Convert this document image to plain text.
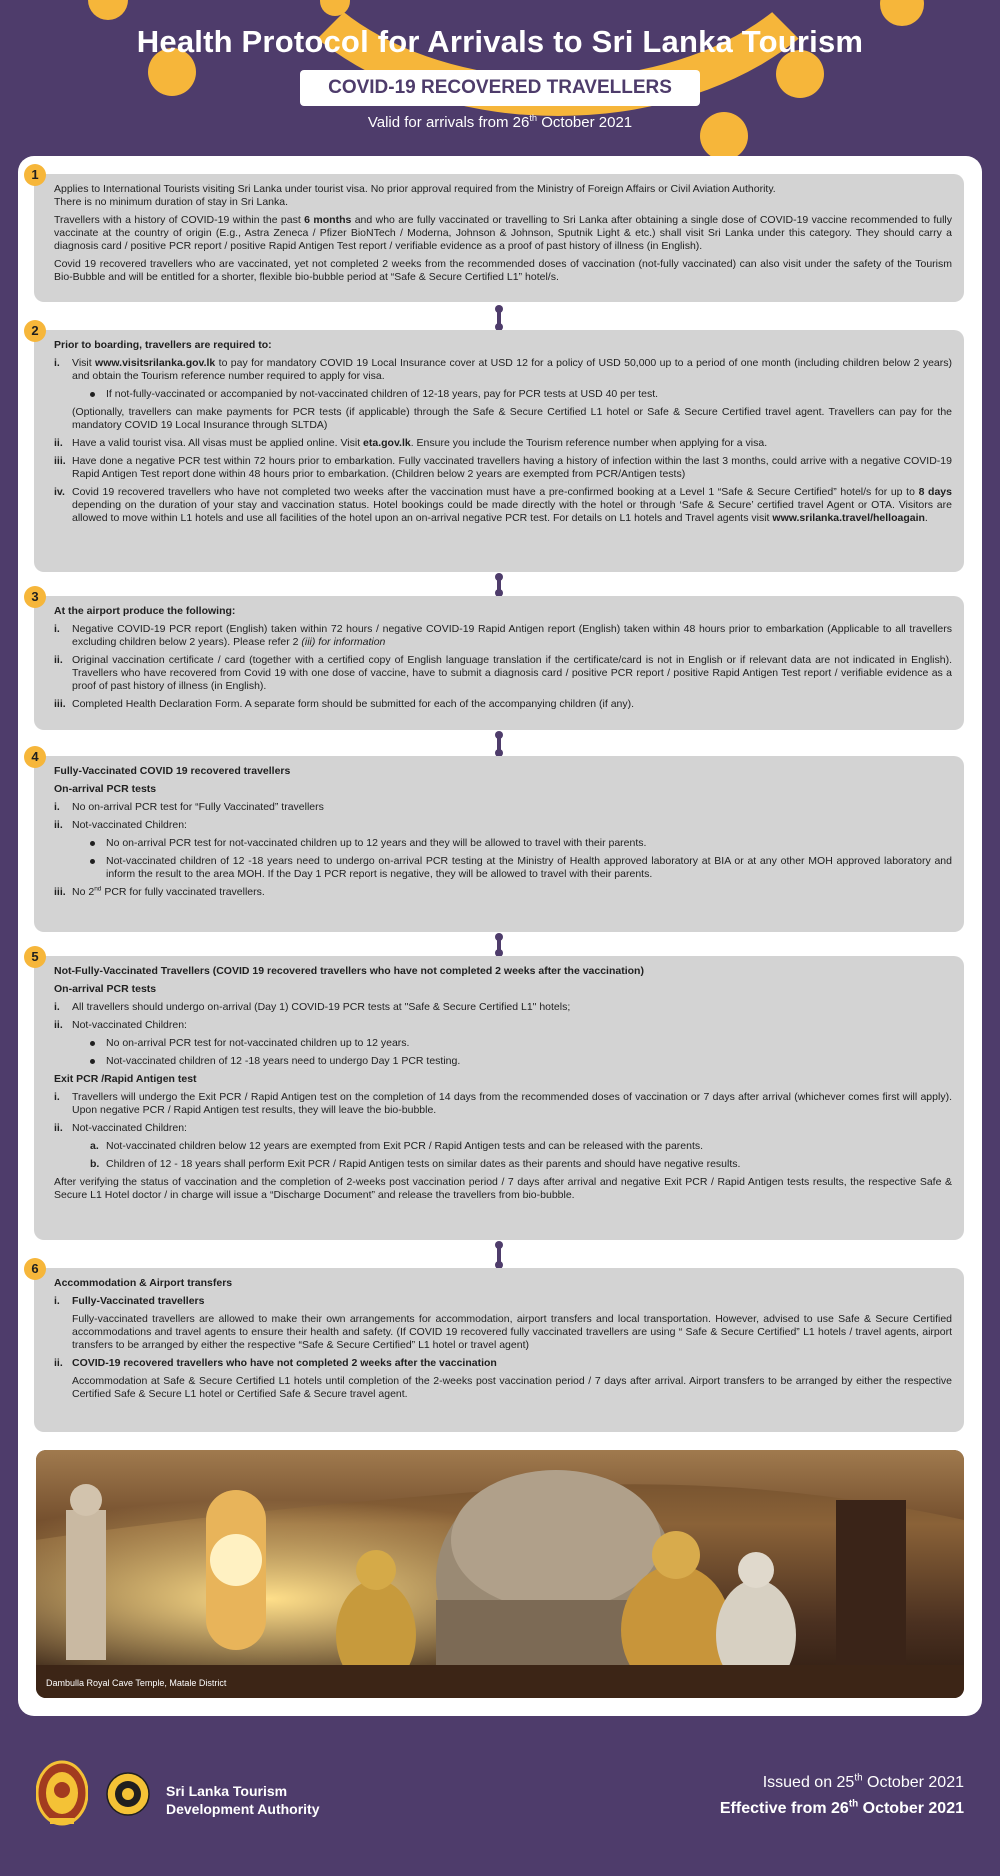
Health Protocol for Arrivals to Sri Lanka Tourism
COVID-19 RECOVERED TRAVELLERS
Valid for arrivals from 26th October 2021
1

Applies to International Tourists visiting Sri Lanka under tourist visa. No prior approval required from the Ministry of Foreign Affairs or Civil Aviation Authority.

There is no minimum duration of stay in Sri Lanka.

Travellers with a history of COVID-19 within the past 6 months and who are fully vaccinated or travelling to Sri Lanka after obtaining a single dose of COVID-19 vaccine recommended to fully vaccinate at the country of origin (E.g., Astra Zeneca / Pfizer BioNTech / Moderna, Johnson & Johnson, Sputnik Light & etc.) shall visit Sri Lanka under this category. They should carry a diagnosis card / positive PCR report / positive Rapid Antigen Test report / verifiable evidence as a proof of past history of illness (in English).

Covid 19 recovered travellers who are vaccinated, yet not completed 2 weeks from the recommended doses of vaccination (not-fully vaccinated) can also visit under the safety of the Tourism Bio-Bubble and will be entitled for a shorter, flexible bio-bubble period at “Safe & Secure Certified L1” hotel/s.

2
Prior to boarding, travellers are required to:
i. Visit www.visitsrilanka.gov.lk to pay for mandatory COVID 19 Local Insurance cover at USD 12 for a policy of USD 50,000 up to a period of one month (including children below 2 years) and obtain the Tourism reference number required to apply for visa.
If not-fully-vaccinated or accompanied by not-vaccinated children of 12-18 years, pay for PCR tests at USD 40 per test.

(Optionally, travellers can make payments for PCR tests (if applicable) through the Safe & Secure Certified L1 hotel or Safe & Secure Certified travel agent. Travellers can pay for the mandatory COVID 19 Local Insurance through SLTDA)

ii. Have a valid tourist visa. All visas must be applied online. Visit eta.gov.lk. Ensure you include the Tourism reference number when applying for a visa.
iii. Have done a negative PCR test within 72 hours prior to embarkation. Fully vaccinated travellers having a history of infection within the last 3 months, could arrive with a negative COVID-19 Rapid Antigen Test report done within 48 hours prior to embarkation. (Children below 2 years are exempted from PCR/Antigen tests)
iv. Covid 19 recovered travellers who have not completed two weeks after the vaccination must have a pre-confirmed booking at a Level 1 “Safe & Secure Certified” hotel/s for up to 8 days depending on the duration of your stay and vaccination status. Hotel bookings could be made directly with the hotel or through ‘Safe & Secure’ certified travel Agent or OTA. Visitors are allowed to move within L1 hotels and use all facilities of the hotel upon an on-arrival negative PCR test. For details on L1 hotels and Travel agents visit www.srilanka.travel/helloagain.
3
At the airport produce the following:
i. Negative COVID-19 PCR report (English) taken within 72 hours / negative COVID-19 Rapid Antigen report (English) taken within 48 hours prior to embarkation (Applicable to all travellers excluding children below 2 years). Please refer 2 (iii) for information
ii. Original vaccination certificate / card (together with a certified copy of English language translation if the certificate/card is not in English or if relevant data are not indicated in English). Travellers who have recovered from Covid 19 with one dose of vaccine, have to submit a diagnosis card / positive PCR report / positive Rapid Antigen Test report / verifiable evidence as a proof of past history of illness (in English).
iii. Completed Health Declaration Form. A separate form should be submitted for each of the accompanying children (if any).
4
Fully-Vaccinated COVID 19 recovered travellers
On-arrival PCR tests
i. No on-arrival PCR test for “Fully Vaccinated” travellers
ii. Not-vaccinated Children:
No on-arrival PCR test for not-vaccinated children up to 12 years and they will be allowed to travel with their parents.
Not-vaccinated children of 12 -18 years need to undergo on-arrival PCR testing at the Ministry of Health approved laboratory at BIA or at any other MOH approved laboratory and inform the result to the area MOH. If the Day 1 PCR report is negative, they will be allowed to travel with their parents.
iii. No 2nd PCR for fully vaccinated travellers.
5
Not-Fully-Vaccinated Travellers (COVID 19 recovered travellers who have not completed 2 weeks after the vaccination)
On-arrival PCR tests
i. All travellers should undergo on-arrival (Day 1) COVID-19 PCR tests at "Safe & Secure Certified L1" hotels;
ii. Not-vaccinated Children:
No on-arrival PCR test for not-vaccinated children up to 12 years.
Not-vaccinated children of 12 -18 years need to undergo Day 1 PCR testing.
Exit PCR /Rapid Antigen test
i. Travellers will undergo the Exit PCR / Rapid Antigen test on the completion of 14 days from the recommended doses of vaccination or 7 days after arrival (whichever comes first will apply). Upon negative PCR / Rapid Antigen test results, they will leave the bio-bubble.
ii. Not-vaccinated Children:
a. Not-vaccinated children below 12 years are exempted from Exit PCR / Rapid Antigen tests and can be released with the parents.
b. Children of 12 - 18 years shall perform Exit PCR / Rapid Antigen tests on similar dates as their parents and should have negative results.

After verifying the status of vaccination and the completion of 2-weeks post vaccination period / 7 days after arrival and negative Exit PCR / Rapid Antigen tests results, the respective Safe & Secure L1 Hotel doctor / in charge will issue a “Discharge Document” and release the travellers from bio-bubble.

6
Accommodation & Airport transfers
i. Fully-Vaccinated travellers

Fully-vaccinated travellers are allowed to make their own arrangements for accommodation, airport transfers and local transportation. However, advised to use Safe & Secure Certified accommodations and travel agents to ensure their health and safety. (If COVID 19 recovered fully vaccinated travellers are using “ Safe & Secure Certified” L1 hotels / travel agents, airport transfers to be arranged by either the respective “Safe & Secure Certified” L1 hotel or travel agent)

ii. COVID-19 recovered travellers who have not completed 2 weeks after the vaccination

Accommodation at Safe & Secure Certified L1 hotels until completion of the 2-weeks post vaccination period / 7 days after arrival. Airport transfers to be arranged by either the respective Certified Safe & Secure L1 hotel or Certified Safe & Secure travel agent.

Dambulla Royal Cave Temple, Matale District
Sri Lanka Tourism
Development Authority
Issued on 25th October 2021
Effective from 26th October 2021
